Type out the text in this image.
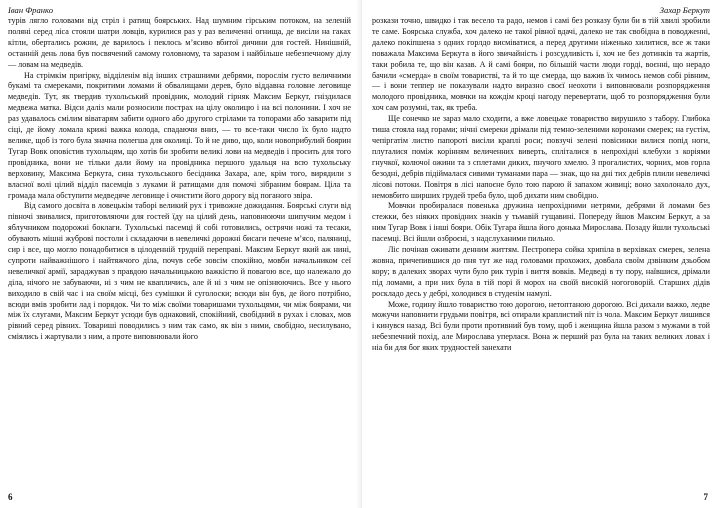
Іван Франко

турів лягло головами від стріл і ратищ боярських. Над шумним гірським потоком, на зеленій полянi серед ліса стояли шатри ловців, курилися раз у раз величенні огнища, де висіли на гаках кітли, обертались рожни, де варилось і пеклось м’ясиво вбитої дичини для гостей. Нинішній, останній день лова був посвячений самому головному, та заразом і найбільше небезпечному ділу — ловам на медведів.

На стрімкім пригірку, відділенім від інших страшними дебрями, порослім густо величними букамі та смереками, покритими ломами й обвалищами дерев, було віддавна головне леговище медведів. Тут, як твердив тухольський провідник, молодий гірняк Максим Беркут, гніздилася медвежа матка. Відси даліз мали розносили пострах на цілу околицю і на всі полонини. І хоч не раз удавалось смілим віватарям забити одного або другого стрілами та топорами або заварити під сіці, де йому ломала крижі важка колода, спадаючи вниз, — то все-таки число їх було надто велике, щоб із того була значна полегша для околиці. То й не диво, що, коли новоприбулий боярин Тугар Вовк оповістив тухольцям, що хотів би зробити великі лови на медведів і просить для того провідника, вони не тільки дали йому на провідника першого удальця на всю тухольську верховину, Максима Беркута, сина тухольського бесідника Захара, але, крім того, вирядили з власної волі цілий відділ пасемців з луками й ратищами для помочі зібраним боярам. Ціла та громада мала обступити медведяче леговище і очистити його дорогу від поганого звіра.

Від самого досвіта в ловецькім таборі великий рух і тривожне дожидання. Боярські слуги від півночі звивалися, приготовляючи для гостей їду на цілий день, наповнюючи шипучим медом і яблучником подорожні боклаги. Тухольські пасемці й собі готовились, острячи ножі та тесаки, обувають мішні жуброві постоли і складаючи в невеличкі дорожні бисаги печене м’ясо, паляниці, сир і все, що могло понадобитися в цілоденній трудній переправі. Максим Беркут який аж нині, супроти найважнішого і найтяжчого діла, почув себе зовсім спокійно, мовби начальником сеї невеличкої армії, зараджував з правдою начальницькою важкістю й повагою все, що належало до діла, нічого не забуваючи, ні з чим не квапличись, але й ні з чим не опізнюючись. Все у нього виходило в свій час і на своїм місці, без сумішки й суголоски; всюди він був, де його потрібно, всюди вмів зробити лад і порядок. Чи то між своїми товаришами тухольцями, чи між боярами, чи між їх слугами, Максим Беркут усюди був однаковий, спокійний, свобідний в рухах і словах, мов рівний серед рівних. Товариші поводились з ним так само, як він з ними, свобідно, несилувано, сміялись і жартували з ним, а проте виповнювали його

6
Захар Беркут

розкази точно, швидко і так весело та радо, немов і самі без розказу були би в тій хвилі зробили те саме. Боярська служба, хоч далеко не такої рівної вдачі, далеко не так свобідна в поводженні, далеко покіпшена з одних горлдо висміватися, а перед другими ніженько хилитися, все ж таки поважала Максима Беркута в його звичайність і розсудливість і, хоч не без дотинків та жартів, таки робила те, що він казав. А й самі бояри, по більшій части люди горді, воєнні, що нерадо бачили «смерда» в своїм товаристві, та й то ще смерда, що важив їх чимось немов собі рівним, — і вони теппер не показували надто виразно своєї неохоти і виповнювали розпорядження молодого провідника, мовчки на кождім кроці нагоду перевертати, щоб то розпорядження були хоч сам розумні, так, як треба.

Ще сонечко не зараз мало сходити, а вже ловецьке товариство вирушило з табору. Глибока тиша стояла над горами; нічні смереки дрімали під темно-зеленими коронами смерек; на густім, чепіргатім листю папороті висіли краплі роси; повзучі зелені повісинки вилися попід ноги, плуталися поміж корінням величенних виверть, спліталися в непрохідні клебухи з коріями гнучкої, колючої ожини та з сплетами диких, пнучого хмелю. З прогалистих, чорних, мов горла безодні, дебрів підіймалася сивими туманами пара — знак, що на дні тих дебрів плили невеличкі лісові потоки. Повітря в лісі напоєне було тою парою й запахом живиці; воно захолонало дух, немовбито ширших грудей треба було, щоб дихати ним свобідно.

Мовчки пробиралася повенька дружина непрохідними нетрями, дебрями й ломами без стежки, без ніяких провідних знаків у тьмавій гущавині. Попереду йшов Максим Беркут, а за ним Тугар Вовк і інші бояри. Обік Тугара йшла його донька Мирослава. Позаду йшли тухольські пасемці. Всі йшли озброєні, з надслуханими пильно.

Ліс почінав оживати денним життям. Пестропера сойка хрипіла в верхівках смерек, зелена жовна, причепившися до пня тут же над головами прохожих, довбала своїм дзвінким дзьобом кору; в далеких зворах чути було рик турів і виття вовків. Медведі в ту пору, наївшися, дрімали під ломами, а при них була в тій порі й морох на своїй високій ногоговорій. Старших дідів роскладо десь у дебрі, холодився в студенім намулі.

Може, годину йшло товариство тою дорогою, нетоптаною дорогою. Всі дихали важко, ледве можучи наповнити грудьми повітря, всі отирали краплистий піт із чола. Максим Беркут лишився і кинувся назад. Всі були проти противний був тому, щоб і женщина йшла разом з мужами в той небезпечний похід, але Мирослава уперлася. Вона ж перший раз була на таких великих ловах і ніа би для бог яких трудностей занехати

7
